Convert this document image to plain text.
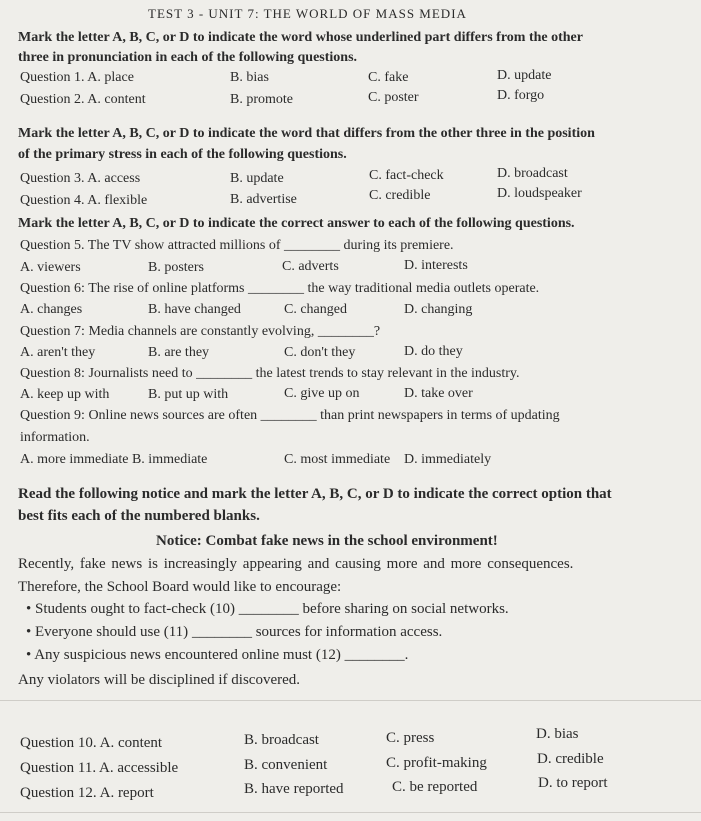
TEST 3 - UNIT 7: THE WORLD OF MASS MEDIA
Mark the letter A, B, C, or D to indicate the word whose underlined part differs from the other
three in pronunciation in each of the following questions.
Question 1. A. place	B. bias	C. fake	D. update
Question 2. A. content	B. promote	C. poster	D. forgo
Mark the letter A, B, C, or D to indicate the word that differs from the other three in the position
of the primary stress in each of the following questions.
Question 3. A. access	B. update	C. fact-check	D. broadcast
Question 4. A. flexible	B. advertise	C. credible	D. loudspeaker
Mark the letter A, B, C, or D to indicate the correct answer to each of the following questions.
Question 5. The TV show attracted millions of ________ during its premiere.
A. viewers	B. posters	C. adverts	D. interests
Question 6: The rise of online platforms ________ the way traditional media outlets operate.
A. changes	B. have changed	C. changed	D. changing
Question 7: Media channels are constantly evolving, ________?
A. aren't they	B. are they	C. don't they	D. do they
Question 8: Journalists need to ________ the latest trends to stay relevant in the industry.
A. keep up with	B. put up with	C. give up on	D. take over
Question 9: Online news sources are often ________ than print newspapers in terms of updating
information.
A. more immediate B. immediate	C. most immediate D. immediately
Read the following notice and mark the letter A, B, C, or D to indicate the correct option that
best fits each of the numbered blanks.
Notice: Combat fake news in the school environment!
Recently, fake news is increasingly appearing and causing more and more consequences.
Therefore, the School Board would like to encourage:
• Students ought to fact-check (10) ________ before sharing on social networks.
• Everyone should use (11) ________ sources for information access.
• Any suspicious news encountered online must (12) ________.
Any violators will be disciplined if discovered.
Question 10. A. content	B. broadcast	C. press	D. bias
Question 11. A. accessible	B. convenient	C. profit-making	D. credible
Question 12. A. report	B. have reported	C. be reported	D. to report
